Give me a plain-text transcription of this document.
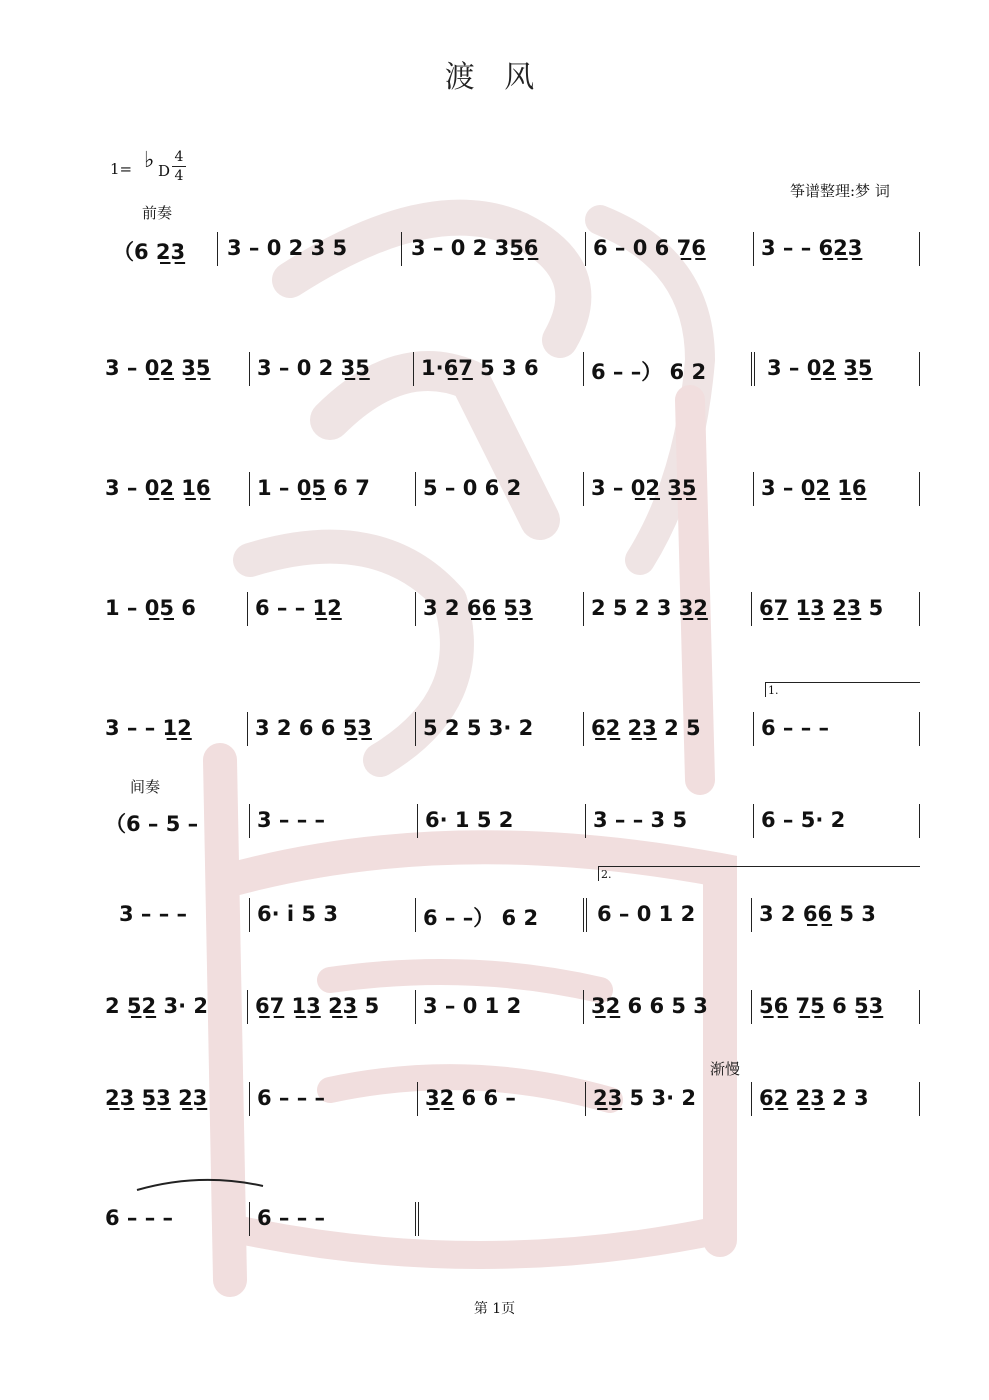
渡 风
1= ♭ D
4
4
筝谱整理:梦 词
前奏
间奏
渐慢
1.
2.
（6 2̲3̲ 3 – 0 2 3 5	3 – 0 2 35̲6̲	6 – 0 6 7̲6̲	3 – – 6̲2̲3̲
3 – 0̲2̲ 3̲5̲ 3 – 0 2 3̲5̲ 1·6̲7̲ 5 3 6 6 – –） 6 2	3 – 0̲2̲ 3̲5̲
3 – 0̲2̲ 1̲6̲ 1 – 0̲5̲ 6 7	5 – 0 6 2	3 – 0̲2̲ 3̲5̲	3 – 0̲2̲ 1̲6̲
1 – 0̲5̲ 6	6 – – 1̲2̲	3 2 6̲6̲ 5̲3̲	2 5 2 3 3̲2̲ 6̲7̲ 1̲3̲ 2̲3̲ 5
3 – – 1̲2̲	3 2 6 6 5̲3̲ 5 2 5 3· 2	6̲2̲ 2̲3̲ 2 5	6 – – –
（6 – 5 –	3 – – –	6· 1 5 2	3 – – 3 5	6 – 5· 2
3 – – –	6· i 5 3	6 – –） 6 2	6 – 0 1 2	3 2 6̲6̲ 5 3
2 5̲2̲ 3· 2 6̲7̲ 1̲3̲ 2̲3̲ 5 3 – 0 1 2	3̲2̲ 6 6 5 3 5̲6̲ 7̲5̲ 6 5̲3̲
2̲3̲ 5̲3̲ 2̲3̲ 6 – – –	3̲2̲ 6 6 –	2̲3̲ 5 3· 2	6̲2̲ 2̲3̲ 2 3
6 – – –	6 – – –
第 1页
